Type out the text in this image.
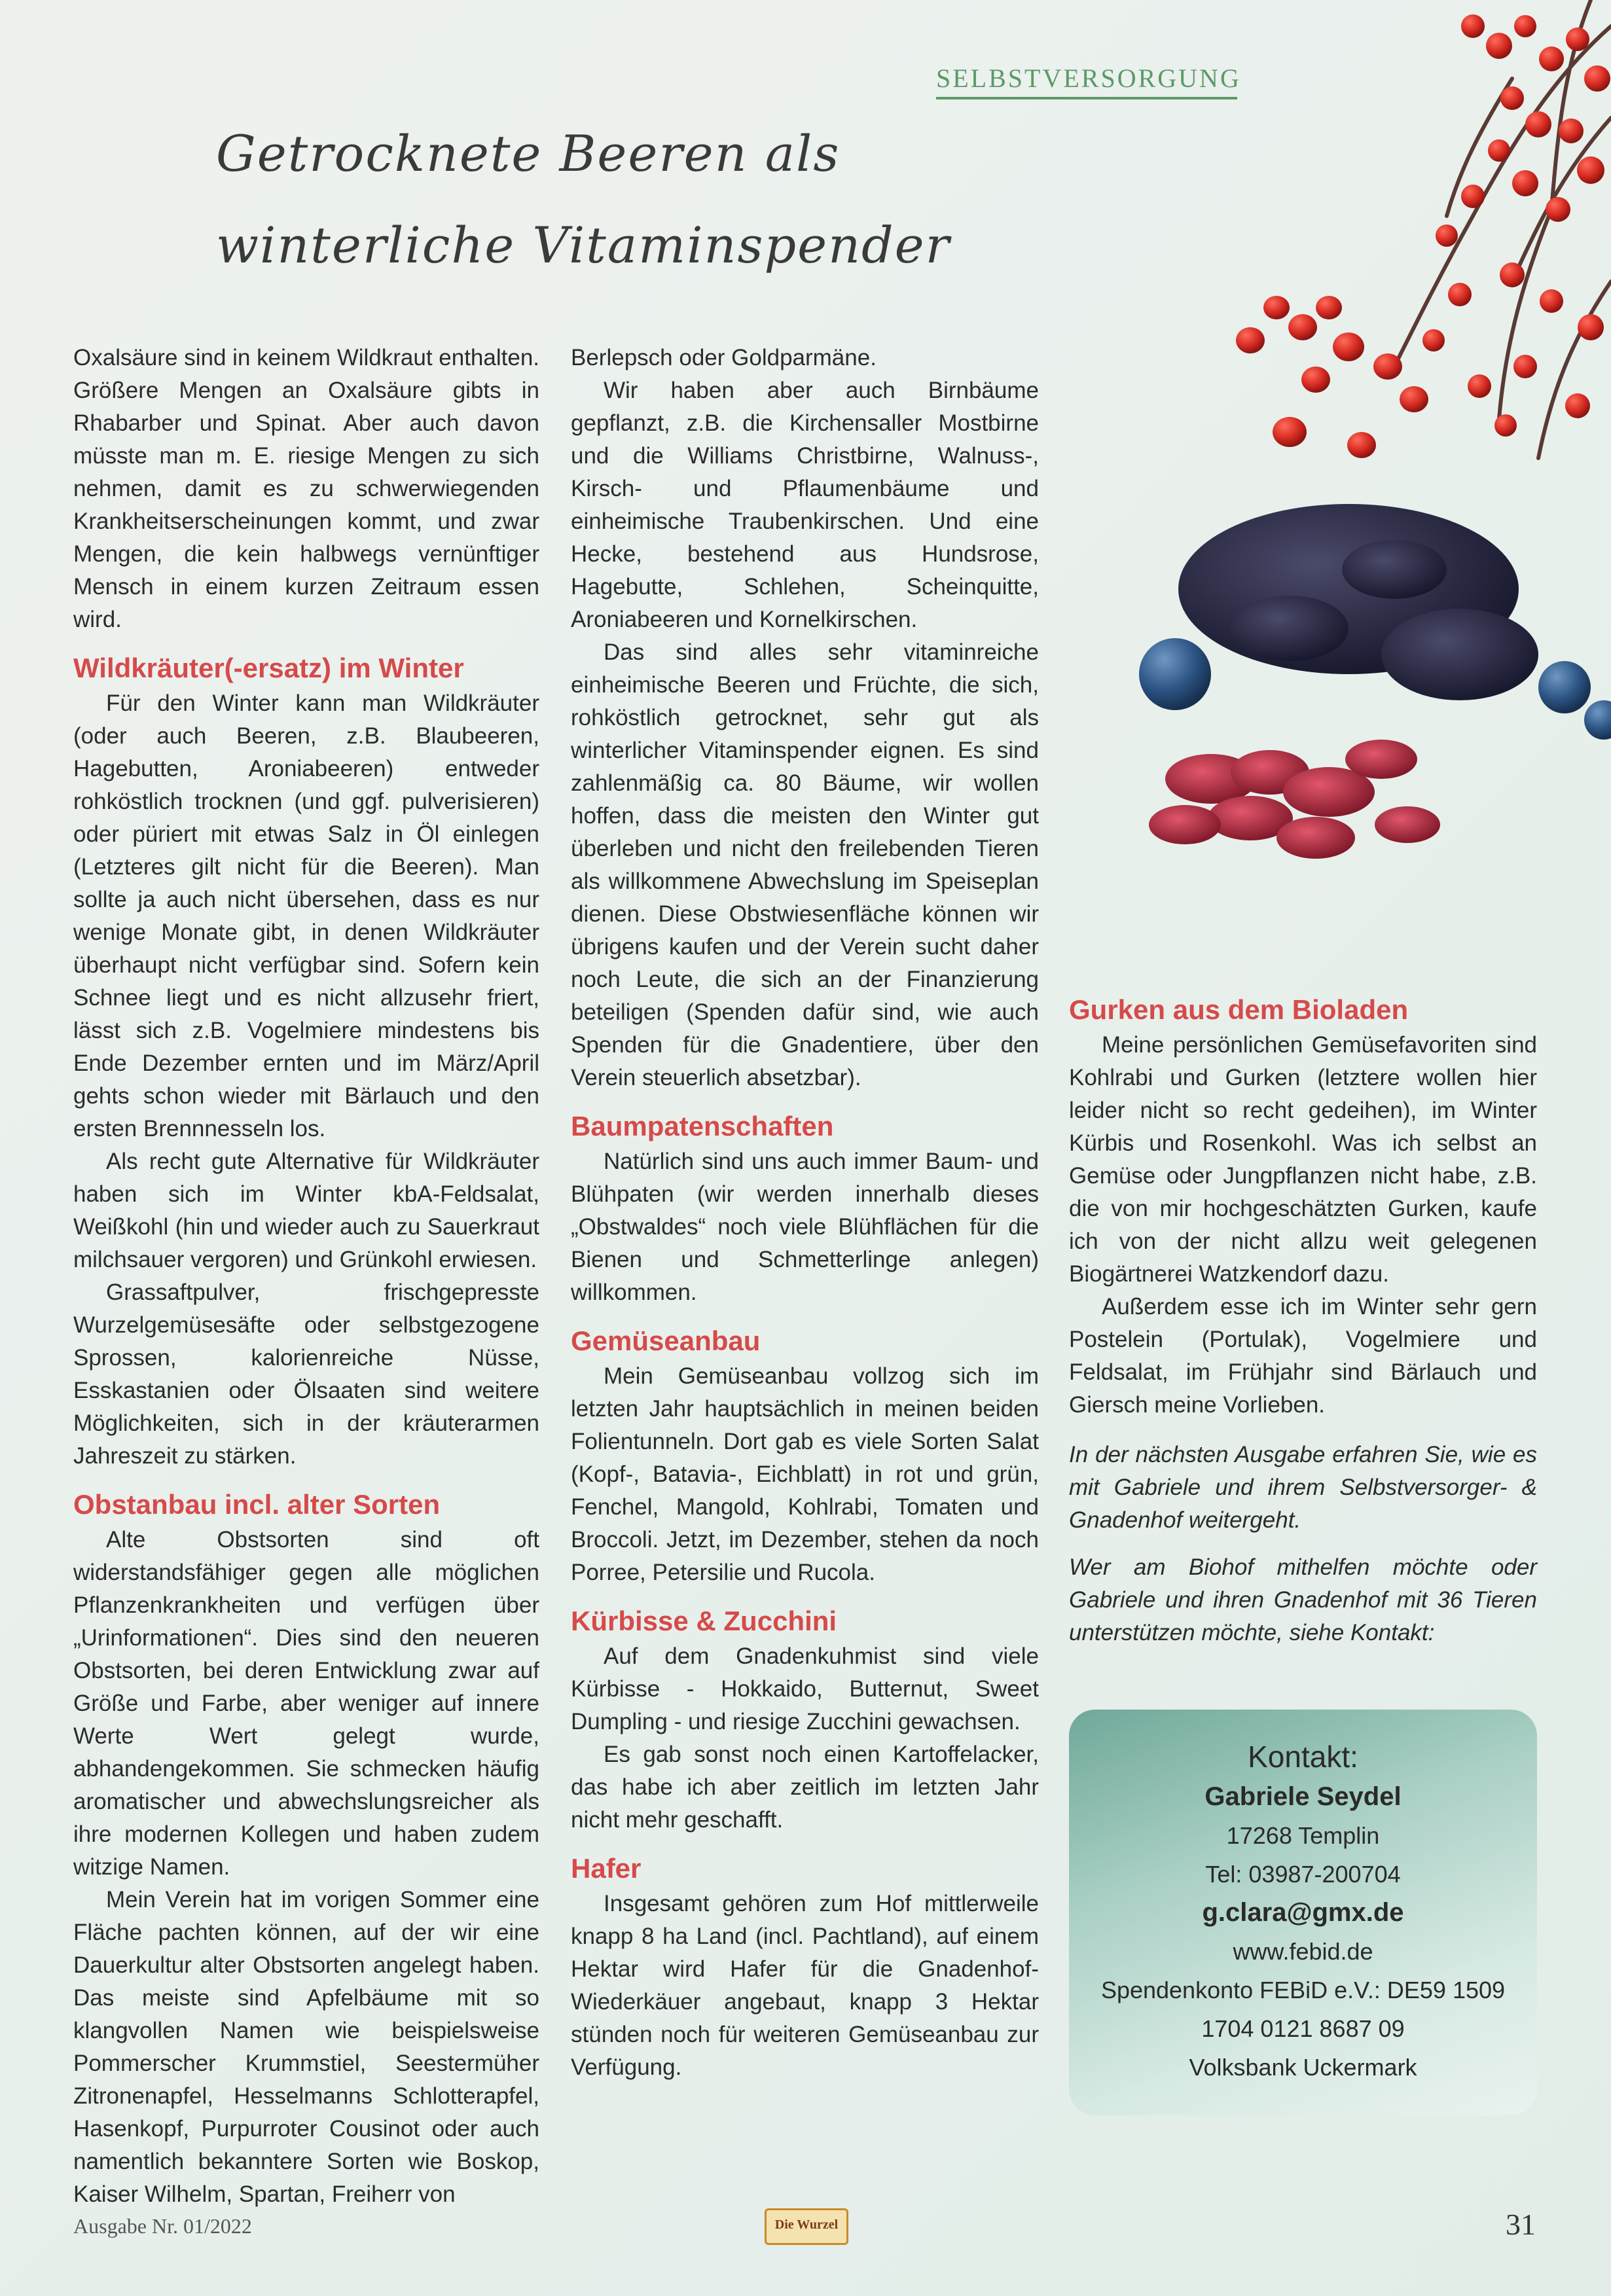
SELBSTVERSORGUNG
Getrocknete Beeren als
winterliche Vitaminspender

Oxalsäure sind in keinem Wildkraut enthalten. Größere Mengen an Oxalsäure gibts in Rhabarber und Spinat. Aber auch davon müsste man m. E. riesige Mengen zu sich nehmen, damit es zu schwerwiegenden Krankheitserscheinungen kommt, und zwar Mengen, die kein halbwegs vernünftiger Mensch in einem kurzen Zeitraum essen wird.

Wildkräuter(-ersatz) im Winter

Für den Winter kann man Wildkräuter (oder auch Beeren, z.B. Blaubeeren, Hagebutten, Aroniabeeren) entweder rohköstlich trocknen (und ggf. pulverisieren) oder püriert mit etwas Salz in Öl einlegen (Letzteres gilt nicht für die Beeren). Man sollte ja auch nicht übersehen, dass es nur wenige Monate gibt, in denen Wildkräuter überhaupt nicht verfügbar sind. Sofern kein Schnee liegt und es nicht allzusehr friert, lässt sich z.B. Vogelmiere mindestens bis Ende Dezember ernten und im März/April gehts schon wieder mit Bärlauch und den ersten Brennnesseln los.

Als recht gute Alternative für Wildkräuter haben sich im Winter kbA-Feldsalat, Weißkohl (hin und wieder auch zu Sauerkraut milchsauer vergoren) und Grünkohl erwiesen.

Grassaftpulver, frischgepresste Wurzelgemüsesäfte oder selbstgezogene Sprossen, kalorienreiche Nüsse, Esskastanien oder Ölsaaten sind weitere Möglichkeiten, sich in der kräuterarmen Jahreszeit zu stärken.

Obstanbau incl. alter Sorten

Alte Obstsorten sind oft widerstandsfähiger gegen alle möglichen Pflanzenkrankheiten und verfügen über „Urinformationen“. Dies sind den neueren Obstsorten, bei deren Entwicklung zwar auf Größe und Farbe, aber weniger auf innere Werte Wert gelegt wurde, abhandengekommen. Sie schmecken häufig aromatischer und abwechslungsreicher als ihre modernen Kollegen und haben zudem witzige Namen.

Mein Verein hat im vorigen Sommer eine Fläche pachten können, auf der wir eine Dauerkultur alter Obstsorten angelegt haben. Das meiste sind Apfelbäume mit so klangvollen Namen wie beispielsweise Pommerscher Krummstiel, Seestermüher Zitronenapfel, Hesselmanns Schlotterapfel, Hasenkopf, Purpurroter Cousinot oder auch namentlich bekanntere Sorten wie Boskop, Kaiser Wilhelm, Spartan, Freiherr von

Berlepsch oder Goldparmäne.

Wir haben aber auch Birnbäume gepflanzt, z.B. die Kirchensaller Mostbirne und die Williams Christbirne, Walnuss-, Kirsch- und Pflaumenbäume und einheimische Traubenkirschen. Und eine Hecke, bestehend aus Hundsrose, Hagebutte, Schlehen, Scheinquitte, Aroniabeeren und Kornelkirschen.

Das sind alles sehr vitaminreiche einheimische Beeren und Früchte, die sich, rohköstlich getrocknet, sehr gut als winterlicher Vitaminspender eignen. Es sind zahlenmäßig ca. 80 Bäume, wir wollen hoffen, dass die meisten den Winter gut überleben und nicht den freilebenden Tieren als willkommene Abwechslung im Speiseplan dienen. Diese Obstwiesenfläche können wir übrigens kaufen und der Verein sucht daher noch Leute, die sich an der Finanzierung beteiligen (Spenden dafür sind, wie auch Spenden für die Gnadentiere, über den Verein steuerlich absetzbar).

Baumpatenschaften

Natürlich sind uns auch immer Baum- und Blühpaten (wir werden innerhalb dieses „Obstwaldes“ noch viele Blühflächen für die Bienen und Schmetterlinge anlegen) willkommen.

Gemüseanbau

Mein Gemüseanbau vollzog sich im letzten Jahr hauptsächlich in meinen beiden Folientunneln. Dort gab es viele Sorten Salat (Kopf-, Batavia-, Eichblatt) in rot und grün, Fenchel, Mangold, Kohlrabi, Tomaten und Broccoli. Jetzt, im Dezember, stehen da noch Porree, Petersilie und Rucola.

Kürbisse & Zucchini

Auf dem Gnadenkuhmist sind viele Kürbisse - Hokkaido, Butternut, Sweet Dumpling - und riesige Zucchini gewachsen.

Es gab sonst noch einen Kartoffelacker, das habe ich aber zeitlich im letzten Jahr nicht mehr geschafft.

Hafer

Insgesamt gehören zum Hof mittlerweile knapp 8 ha Land (incl. Pachtland), auf einem Hektar wird Hafer für die Gnadenhof-Wiederkäuer angebaut, knapp 3 Hektar stünden noch für weiteren Gemüseanbau zur Verfügung.

Gurken aus dem Bioladen

Meine persönlichen Gemüsefavoriten sind Kohlrabi und Gurken (letztere wollen hier leider nicht so recht gedeihen), im Winter Kürbis und Rosenkohl. Was ich selbst an Gemüse oder Jungpflanzen nicht habe, z.B. die von mir hochgeschätzten Gurken, kaufe ich von der nicht allzu weit gelegenen Biogärtnerei Watzkendorf dazu.

Außerdem esse ich im Winter sehr gern Postelein (Portulak), Vogelmiere und Feldsalat, im Frühjahr sind Bärlauch und Giersch meine Vorlieben.

In der nächsten Ausgabe erfahren Sie, wie es mit Gabriele und ihrem Selbstversorger- & Gnadenhof weitergeht.

Wer am Biohof mithelfen möchte oder Gabriele und ihren Gnadenhof mit 36 Tieren unterstützen möchte, siehe Kontakt:

Kontakt:
Gabriele Seydel
17268 Templin
Tel: 03987-200704
g.clara@gmx.de
www.febid.de
Spendenkonto FEBiD e.V.: DE59 1509
1704 0121 8687 09
Volksbank Uckermark
Ausgabe Nr. 01/2022	Die Wurzel	31
